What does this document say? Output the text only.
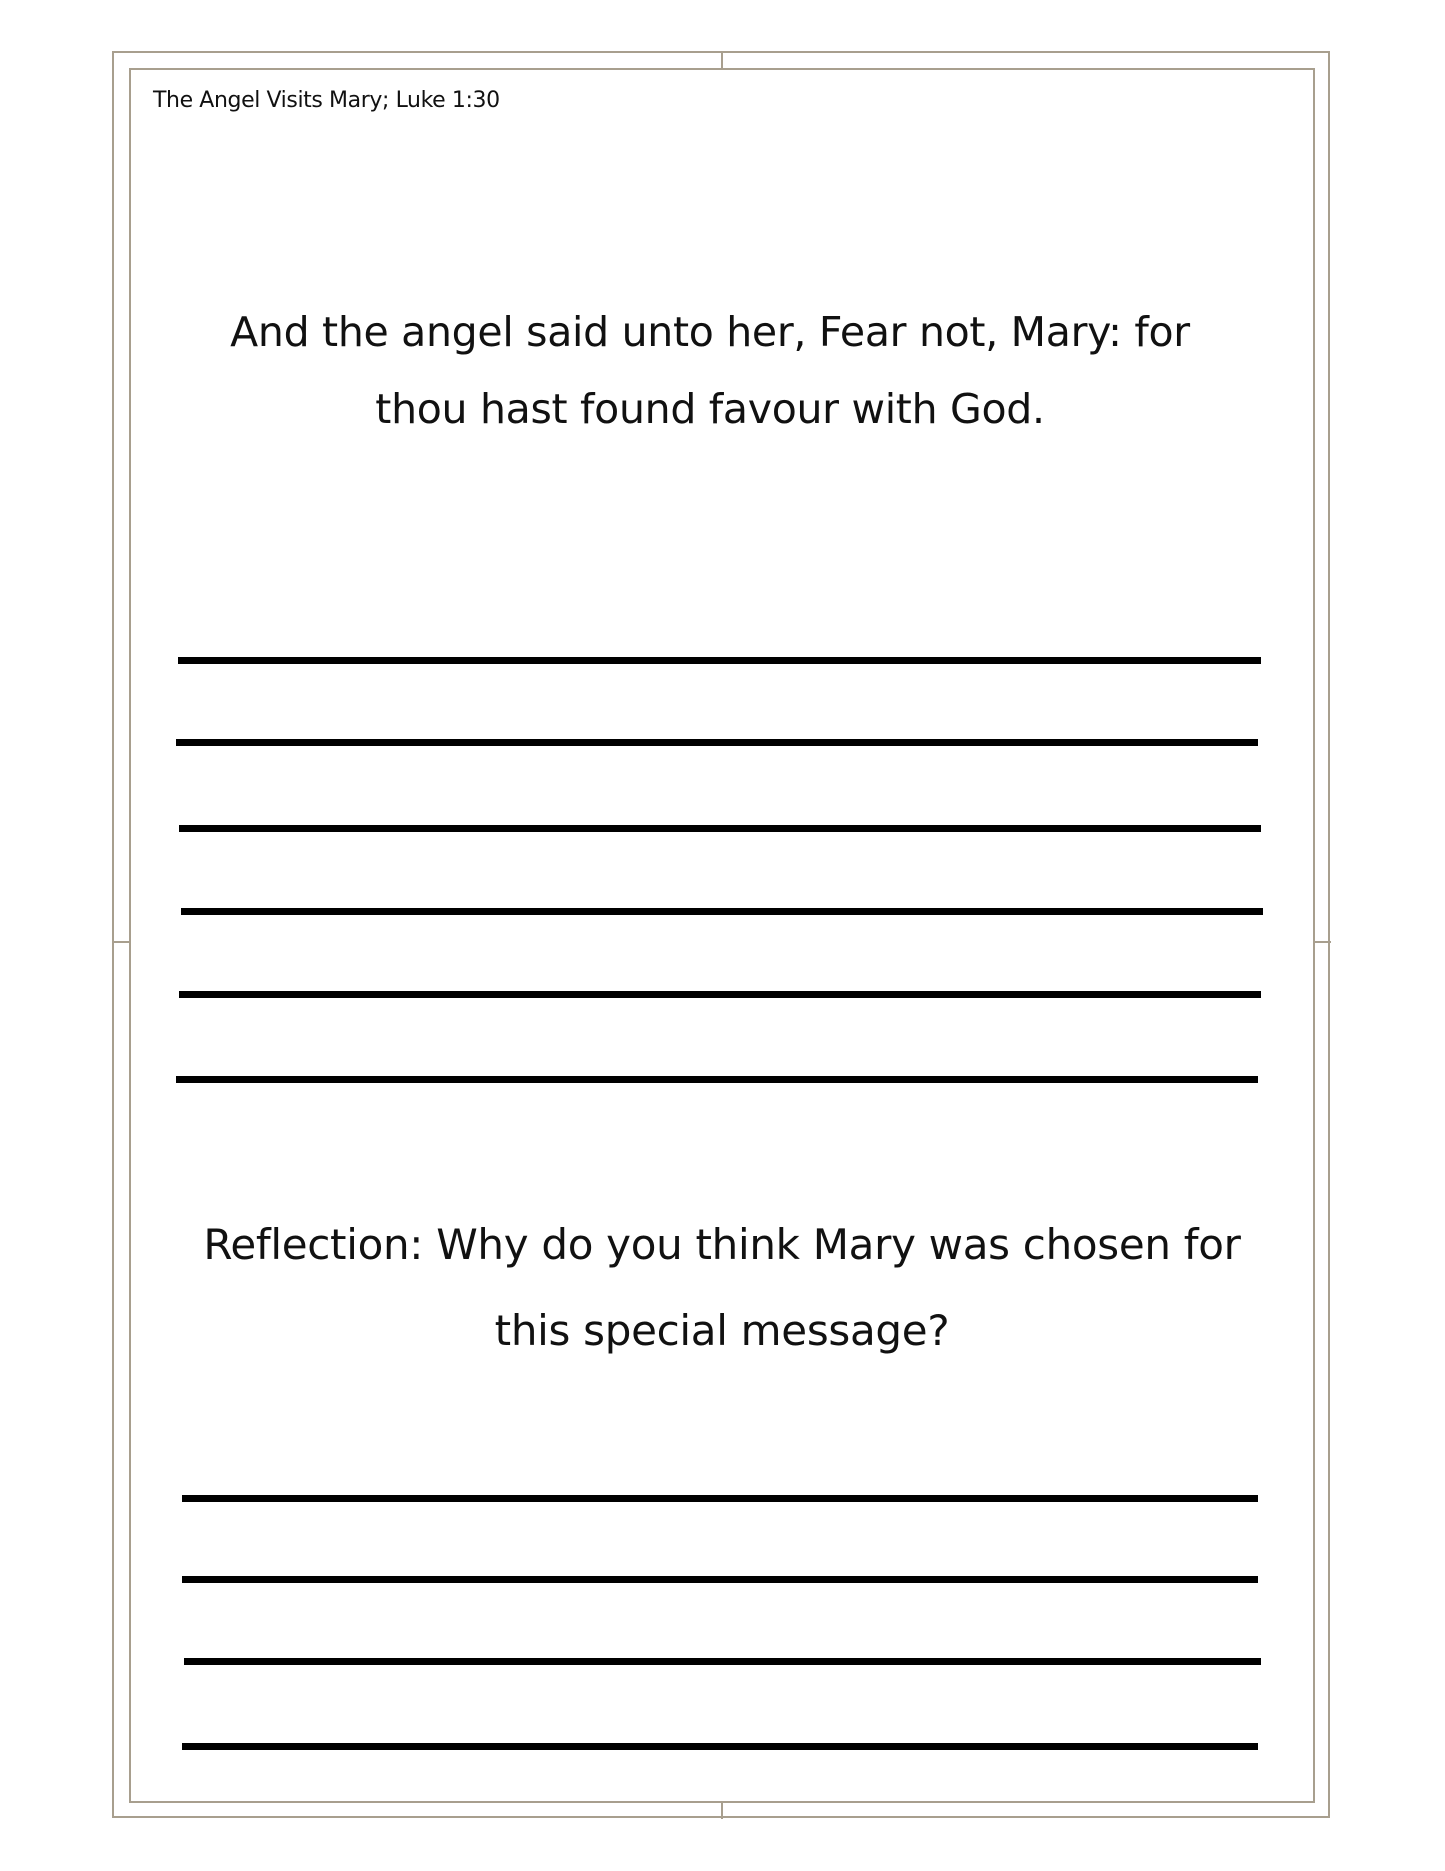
The Angel Visits Mary; Luke 1:30
And the angel said unto her, Fear not, Mary: for
thou hast found favour with God.
Reflection: Why do you think Mary was chosen for
this special message?
